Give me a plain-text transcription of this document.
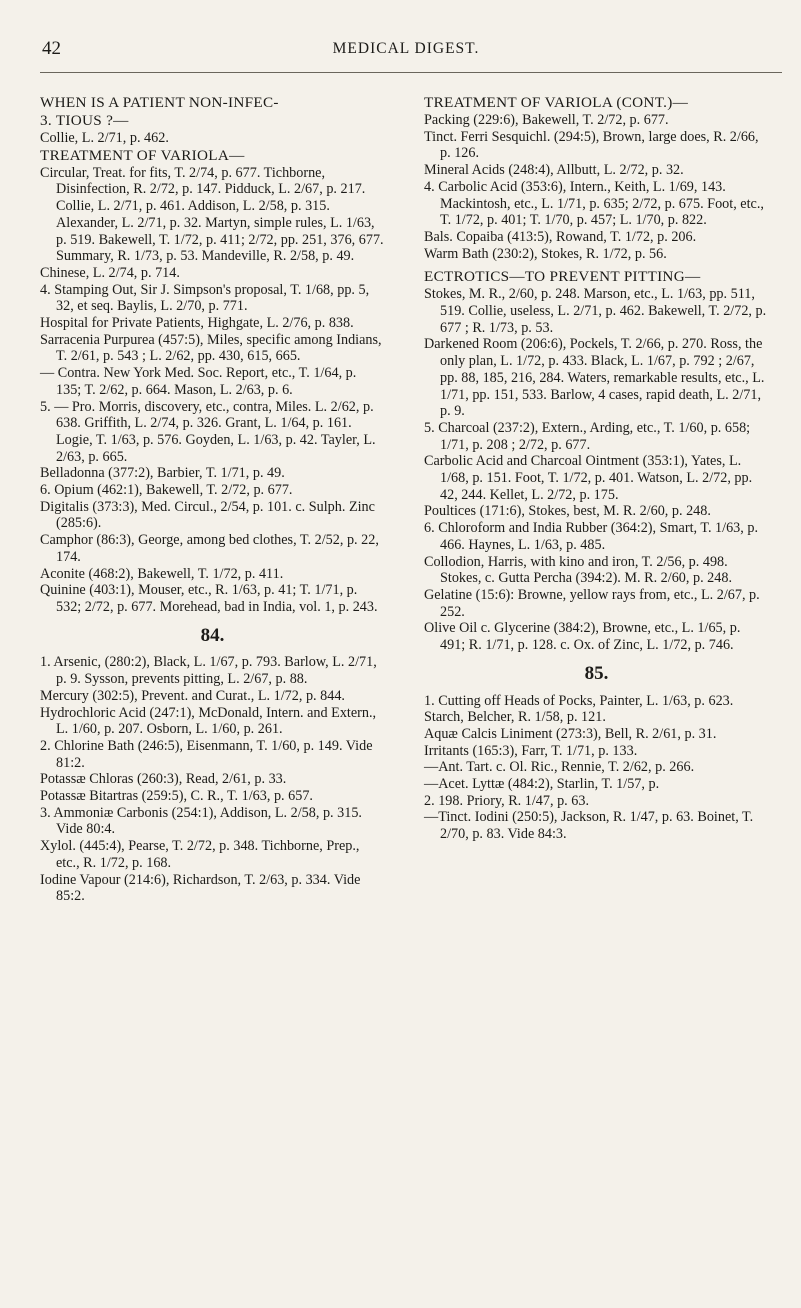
42	MEDICAL DIGEST.
WHEN IS A PATIENT NON-INFEC-
3. TIOUS ?—

Collie, L. 2/71, p. 462.

TREATMENT OF VARIOLA—

Circular, Treat. for fits, T. 2/74, p. 677. Tichborne, Disinfection, R. 2/72, p. 147. Pidduck, L. 2/67, p. 217. Collie, L. 2/71, p. 461. Addison, L. 2/58, p. 315. Alexander, L. 2/71, p. 32. Martyn, simple rules, L. 1/63, p. 519. Bakewell, T. 1/72, p. 411; 2/72, pp. 251, 376, 677. Summary, R. 1/73, p. 53. Mandeville, R. 2/58, p. 49.

Chinese, L. 2/74, p. 714.

4. Stamping Out, Sir J. Simpson's proposal, T. 1/68, pp. 5, 32, et seq. Baylis, L. 2/70, p. 771.

Hospital for Private Patients, Highgate, L. 2/76, p. 838.

Sarracenia Purpurea (457:5), Miles, specific among Indians, T. 2/61, p. 543 ; L. 2/62, pp. 430, 615, 665.

— Contra. New York Med. Soc. Report, etc., T. 1/64, p. 135; T. 2/62, p. 664. Mason, L. 2/63, p. 6.

5. — Pro. Morris, discovery, etc., contra, Miles. L. 2/62, p. 638. Griffith, L. 2/74, p. 326. Grant, L. 1/64, p. 161. Logie, T. 1/63, p. 576. Goyden, L. 1/63, p. 42. Tayler, L. 2/63, p. 665.

Belladonna (377:2), Barbier, T. 1/71, p. 49.

6. Opium (462:1), Bakewell, T. 2/72, p. 677.

Digitalis (373:3), Med. Circul., 2/54, p. 101. c. Sulph. Zinc (285:6).

Camphor (86:3), George, among bed clothes, T. 2/52, p. 22, 174.

Aconite (468:2), Bakewell, T. 1/72, p. 411.

Quinine (403:1), Mouser, etc., R. 1/63, p. 41; T. 1/71, p. 532; 2/72, p. 677. Morehead, bad in India, vol. 1, p. 243.

84.

1. Arsenic, (280:2), Black, L. 1/67, p. 793. Barlow, L. 2/71, p. 9. Sysson, prevents pitting, L. 2/67, p. 88.

Mercury (302:5), Prevent. and Curat., L. 1/72, p. 844.

Hydrochloric Acid (247:1), McDonald, Intern. and Extern., L. 1/60, p. 207. Osborn, L. 1/60, p. 261.

2. Chlorine Bath (246:5), Eisenmann, T. 1/60, p. 149. Vide 81:2.

Potassæ Chloras (260:3), Read, 2/61, p. 33.

Potassæ Bitartras (259:5), C. R., T. 1/63, p. 657.

3. Ammoniæ Carbonis (254:1), Addison, L. 2/58, p. 315. Vide 80:4.

Xylol. (445:4), Pearse, T. 2/72, p. 348. Tichborne, Prep., etc., R. 1/72, p. 168.

Iodine Vapour (214:6), Richardson, T. 2/63, p. 334. Vide 85:2.

TREATMENT OF VARIOLA (CONT.)—

Packing (229:6), Bakewell, T. 2/72, p. 677.

Tinct. Ferri Sesquichl. (294:5), Brown, large does, R. 2/66, p. 126.

Mineral Acids (248:4), Allbutt, L. 2/72, p. 32.

4. Carbolic Acid (353:6), Intern., Keith, L. 1/69, 143. Mackintosh, etc., L. 1/71, p. 635; 2/72, p. 675. Foot, etc., T. 1/72, p. 401; T. 1/70, p. 457; L. 1/70, p. 822.

Bals. Copaiba (413:5), Rowand, T. 1/72, p. 206.

Warm Bath (230:2), Stokes, R. 1/72, p. 56.

ECTROTICS—TO PREVENT PITTING—

Stokes, M. R., 2/60, p. 248. Marson, etc., L. 1/63, pp. 511, 519. Collie, useless, L. 2/71, p. 462. Bakewell, T. 2/72, p. 677 ; R. 1/73, p. 53.

Darkened Room (206:6), Pockels, T. 2/66, p. 270. Ross, the only plan, L. 1/72, p. 433. Black, L. 1/67, p. 792 ; 2/67, pp. 88, 185, 216, 284. Waters, remarkable results, etc., L. 1/71, pp. 151, 533. Barlow, 4 cases, rapid death, L. 2/71, p. 9.

5. Charcoal (237:2), Extern., Arding, etc., T. 1/60, p. 658; 1/71, p. 208 ; 2/72, p. 677.

Carbolic Acid and Charcoal Ointment (353:1), Yates, L. 1/68, p. 151. Foot, T. 1/72, p. 401. Watson, L. 2/72, pp. 42, 244. Kellet, L. 2/72, p. 175.

Poultices (171:6), Stokes, best, M. R. 2/60, p. 248.

6. Chloroform and India Rubber (364:2), Smart, T. 1/63, p. 466. Haynes, L. 1/63, p. 485.

Collodion, Harris, with kino and iron, T. 2/56, p. 498. Stokes, c. Gutta Percha (394:2). M. R. 2/60, p. 248.

Gelatine (15:6): Browne, yellow rays from, etc., L. 2/67, p. 252.

Olive Oil c. Glycerine (384:2), Browne, etc., L. 1/65, p. 491; R. 1/71, p. 128. c. Ox. of Zinc, L. 1/72, p. 746.

85.

1. Cutting off Heads of Pocks, Painter, L. 1/63, p. 623.

Starch, Belcher, R. 1/58, p. 121.

Aquæ Calcis Liniment (273:3), Bell, R. 2/61, p. 31.

Irritants (165:3), Farr, T. 1/71, p. 133.

—Ant. Tart. c. Ol. Ric., Rennie, T. 2/62, p. 266.

—Acet. Lyttæ (484:2), Starlin, T. 1/57, p.

2. 198. Priory, R. 1/47, p. 63.

—Tinct. Iodini (250:5), Jackson, R. 1/47, p. 63. Boinet, T. 2/70, p. 83. Vide 84:3.
